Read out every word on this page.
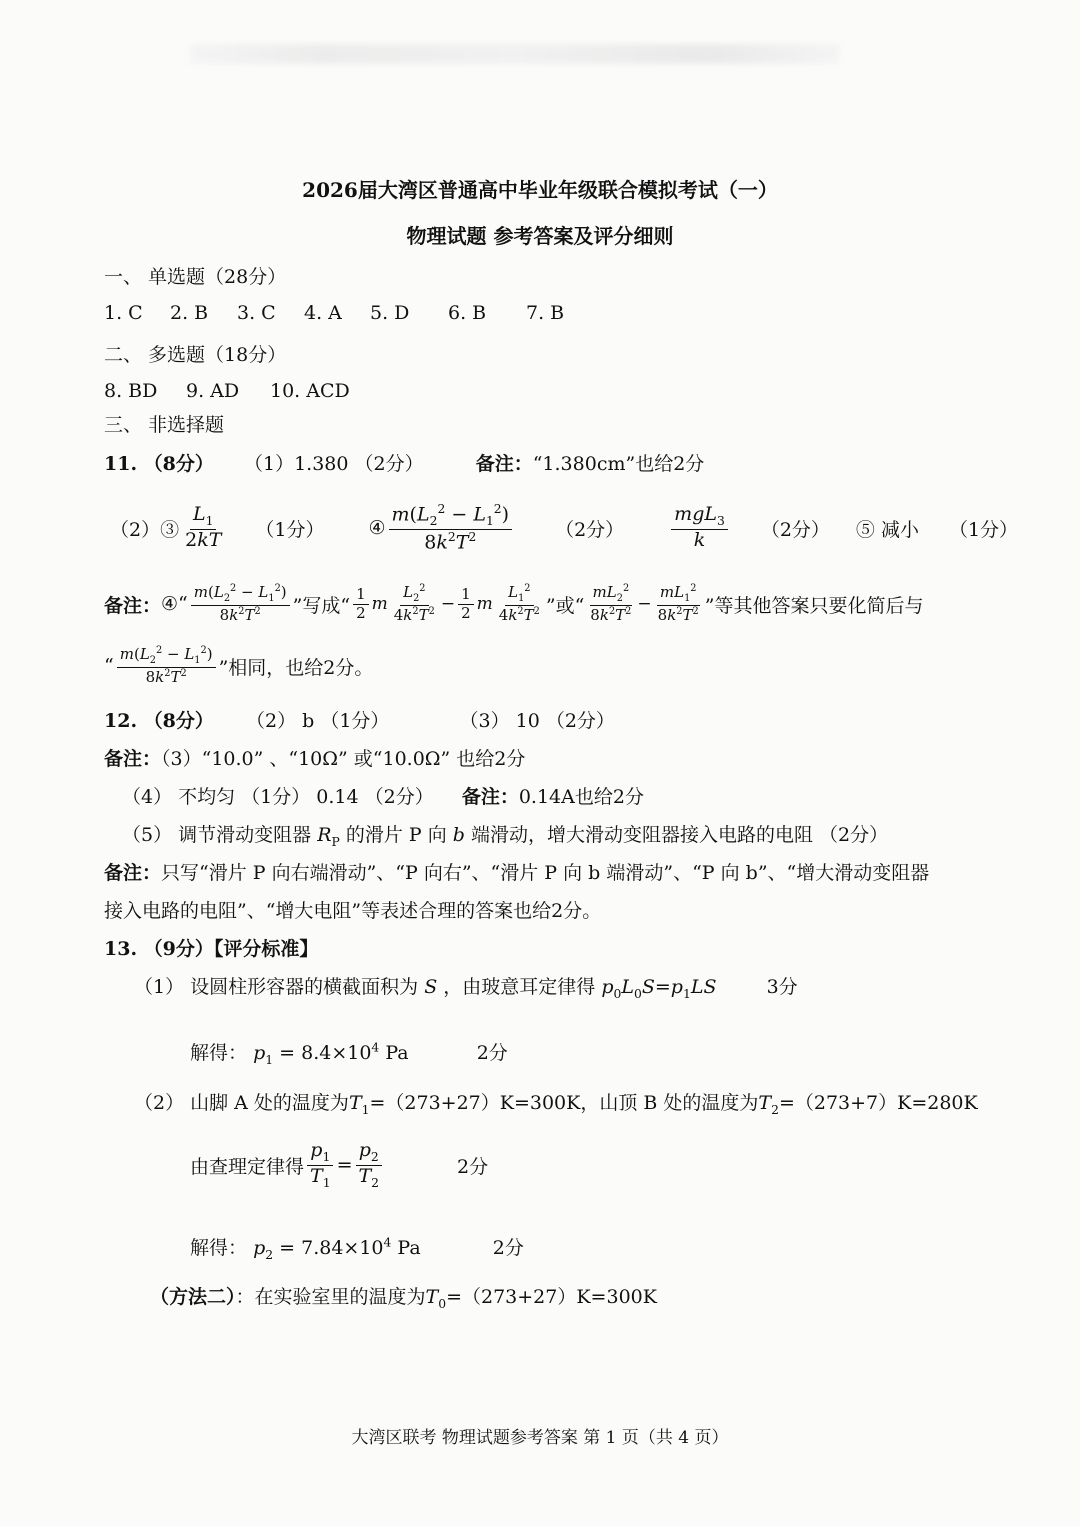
2026届大湾区普通高中毕业年级联合模拟考试（一）
物理试题 参考答案及评分细则
一、 单选题（28分）
1. C 2. B 3. C 4. A 5. D 6. B 7. B
二、 多选题（18分）
8. BD 9. AD 10. ACD
三、 非选择题
11. （8分） （1）1.380 （2分）	备注：“1.380cm”也给2分
（2）③ $\frac{L_1}{2kT} (1$分） ④ $\frac{m(L_2^2 - L_1^2)}{8k^2T^2} (2$分） $\frac{mgL_3}{k} (2$分） ⑤ 减小 （1分）
备注： ④“ $\frac{m(L_2^2 - L_1^2)}{8k^2T^2}$ ”写成“ $\frac{1}{2}$ m $\frac{L_2^2}{4k^2T^2} - \frac{1}{2}$ m $\frac{L_1^2}{4k^2T^2}$ ”或“ $\frac{mL_2^2}{8k^2T^2} - \frac{mL_1^2}{8k^2T^2}$ ”等其他答案只要化简后与
“ $\frac{m(L_2^2 - L_1^2)}{8k^2T^2}$ ”相同，也给2分。
12. （8分） （2） b （1分）	（3） 10 （2分）
备注：（3）“10.0” 、“10Ω” 或“10.0Ω” 也给2分
（4） 不均匀 （1分） 0.14 （2分） 备注：0.14A也给2分
（5） 调节滑动变阻器 $R_P$ 的滑片 P 向 b 端滑动，增大滑动变阻器接入电路的电阻 （2分）
备注：只写“滑片 P 向右端滑动”、“P 向右”、“滑片 P 向 b 端滑动”、“P 向 b”、“增大滑动变阻器
接入电路的电阻”、“增大电阻”等表述合理的答案也给2分。
13. （9分）【评分标准】
（1） 设圆柱形容器的横截面积为 S ，由玻意耳定律得 $p_0L_0S=p_1LS$	3分
解得： $p_1 = 8.4\times 10^4$ Pa	2分
（2） 山脚 A 处的温度为$T_1=(273+27)K=300K$，山顶 B 处的温度为$T_2=(273+7)K=280K$
由查理定律得 $\frac{p_1}{T_1} = \frac{p_2}{T_2}$	2分
解得： $p_2 = 7.84\times 10^4$ Pa	2分
（方法二）：在实验室里的温度为$T_0=(273+27)K=300K$
大湾区联考 物理试题参考答案 第 1 页（共 4 页）
